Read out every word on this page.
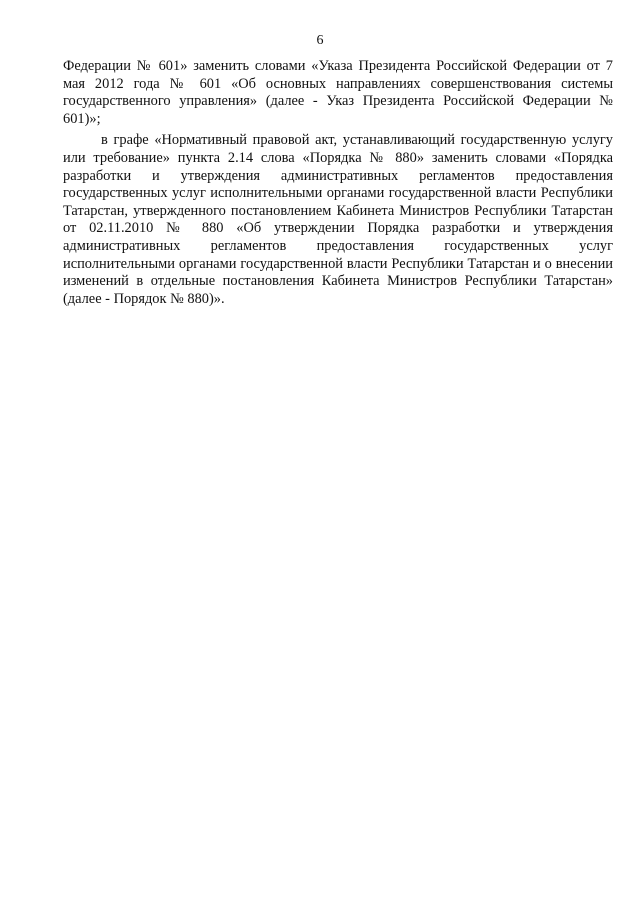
6

Федерации № 601» заменить словами «Указа Президента Российской Федерации от 7 мая 2012 года № 601 «Об основных направлениях совершенствования системы государственного управления» (далее - Указ Президента Российской Федерации № 601)»;

в графе «Нормативный правовой акт, устанавливающий государственную услугу или требование» пункта 2.14 слова «Порядка № 880» заменить словами «Порядка разработки и утверждения административных регламентов предоставления государственных услуг исполнительными органами государственной власти Республики Татарстан, утвержденного постановлением Кабинета Министров Республики Татарстан от 02.11.2010 № 880 «Об утверждении Порядка разработки и утверждения административных регламентов предоставления государственных услуг исполнительными органами государственной власти Республики Татарстан и о внесении изменений в отдельные постановления Кабинета Министров Республики Татарстан» (далее - Порядок № 880)».
